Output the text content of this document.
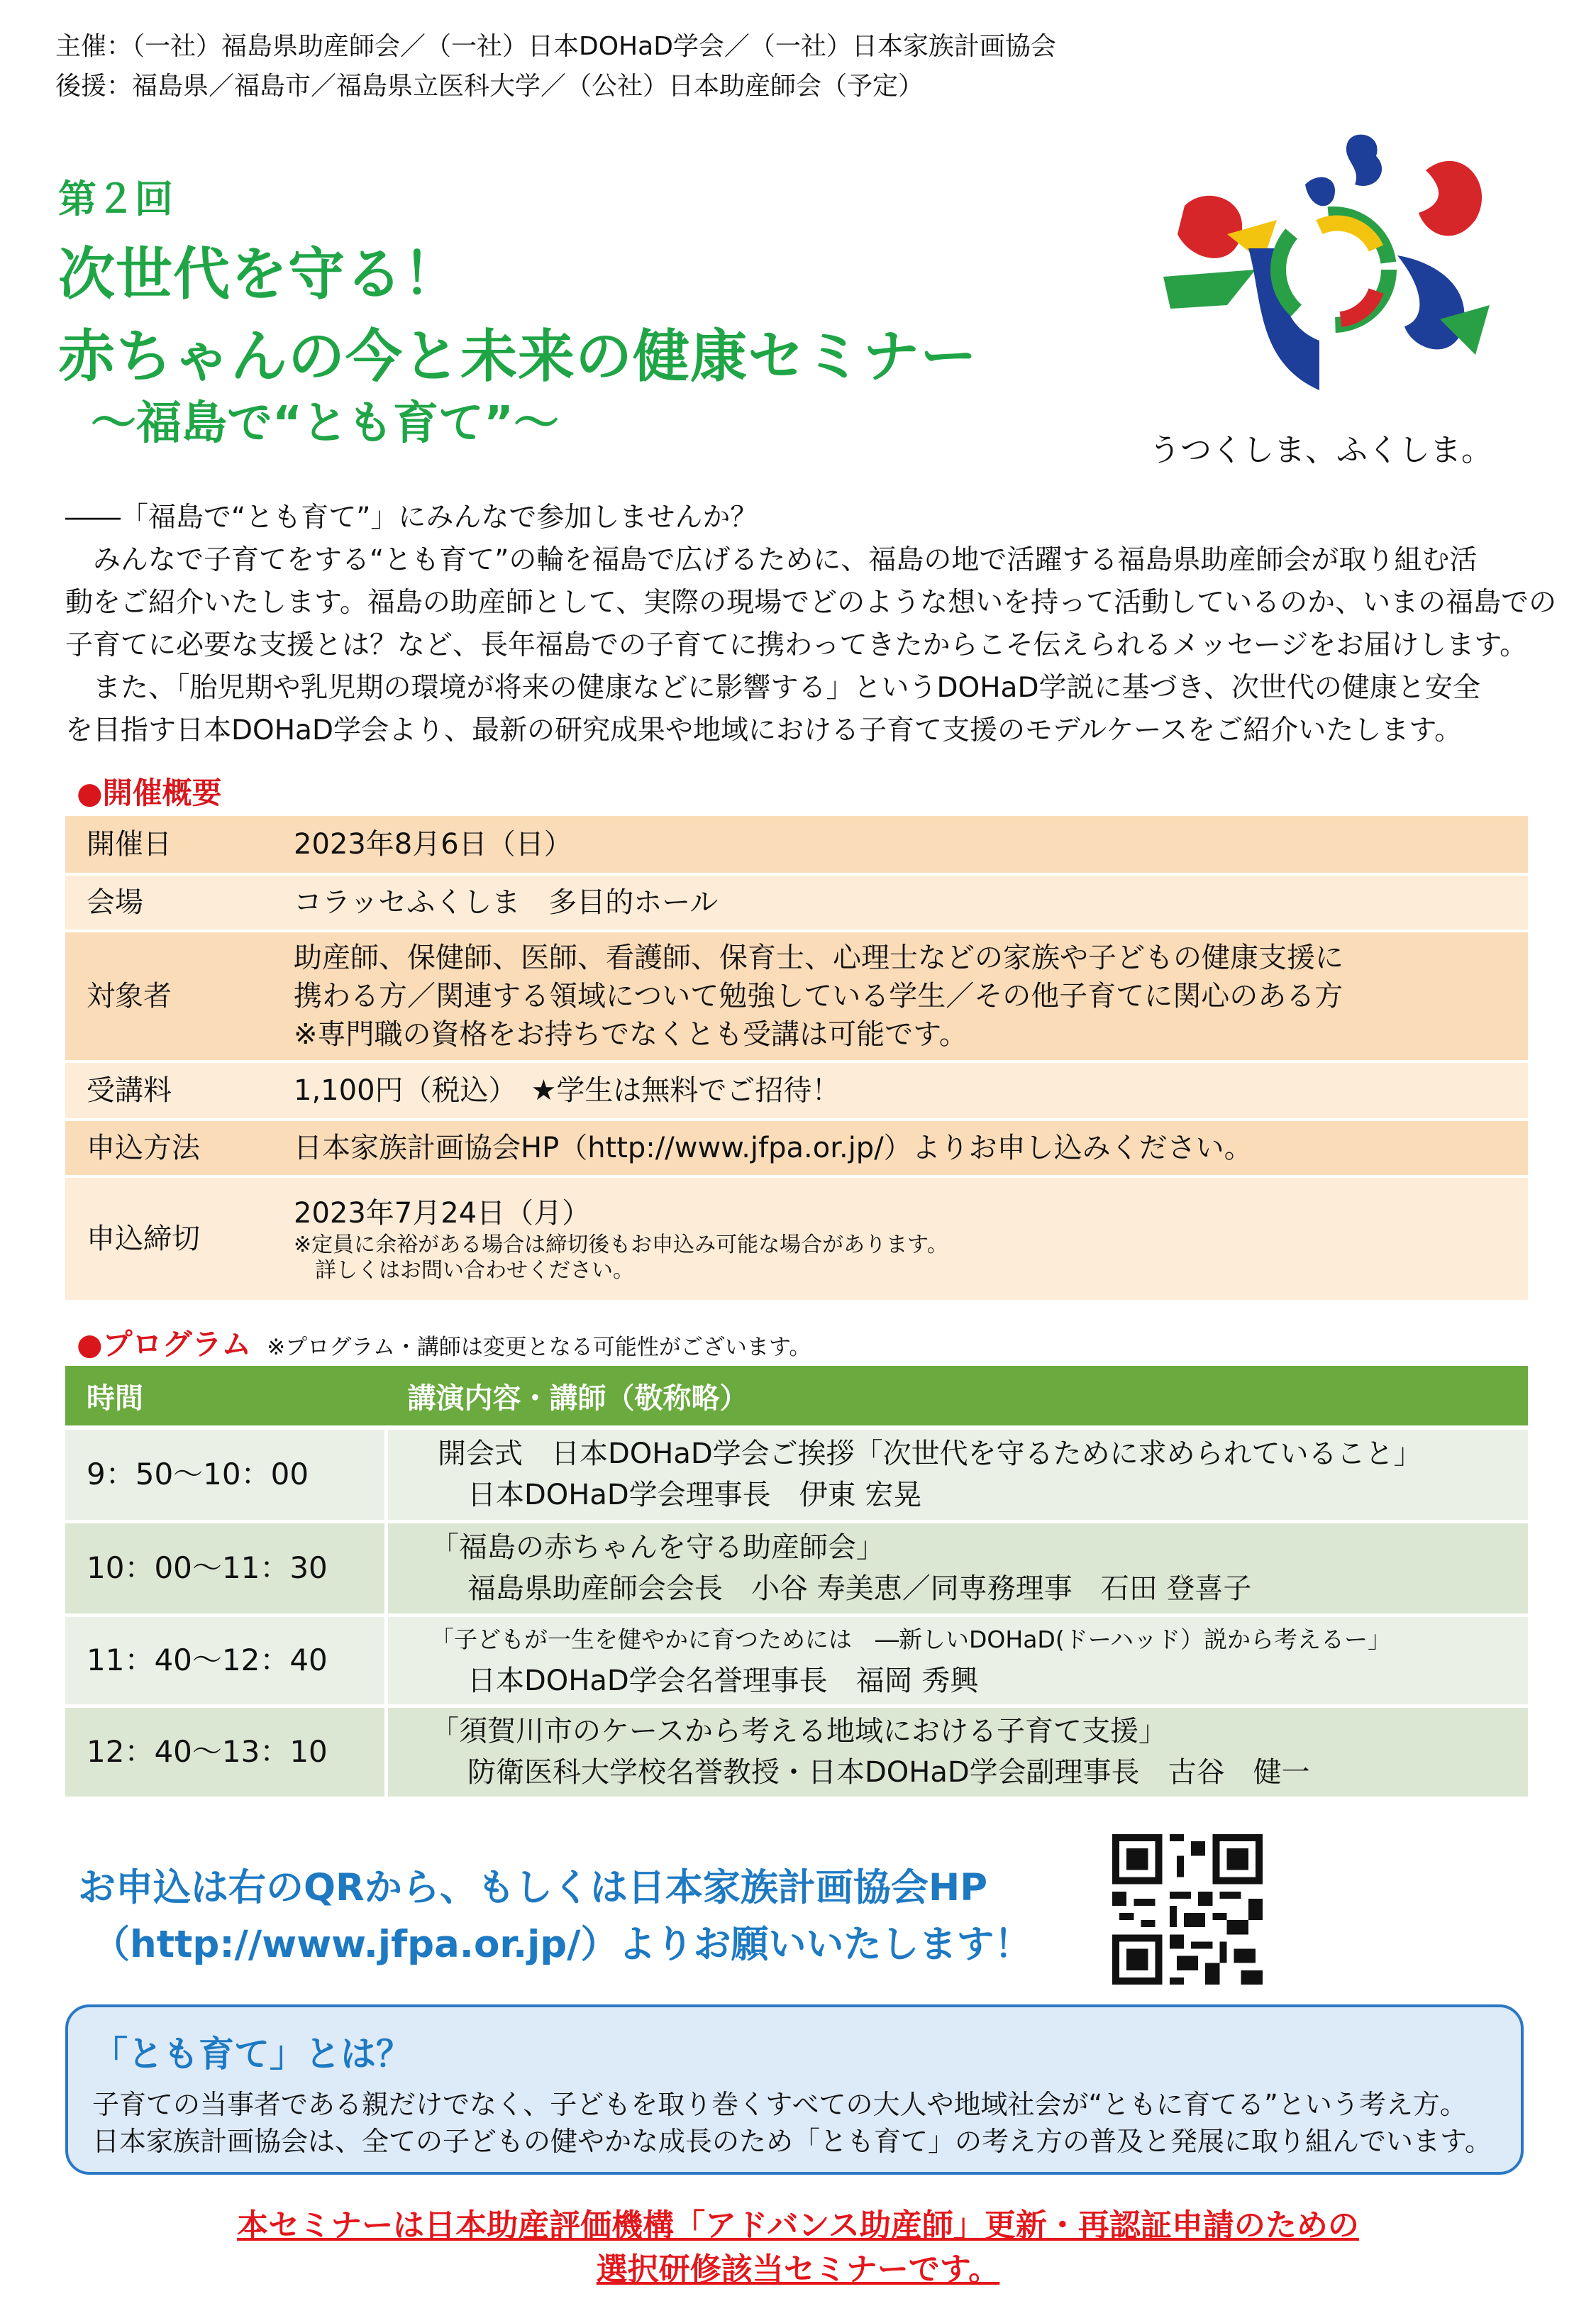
主催：（一社）福島県助産師会／（一社）日本DOHaD学会／（一社）日本家族計画協会
後援：福島県／福島市／福島県立医科大学／（公社）日本助産師会（予定）
第２回
次世代を守る！
赤ちゃんの今と未来の健康セミナー
～福島で“とも育て”～
うつくしま、ふくしま。

――「福島で“とも育て”」にみんなで参加しませんか？

　みんなで子育てをする“とも育て”の輪を福島で広げるために、福島の地で活躍する福島県助産師会が取り組む活

動をご紹介いたします。福島の助産師として、実際の現場でどのような想いを持って活動しているのか、いまの福島での

子育てに必要な支援とは？など、長年福島での子育てに携わってきたからこそ伝えられるメッセージをお届けします。

　また、「胎児期や乳児期の環境が将来の健康などに影響する」というDOHaD学説に基づき、次世代の健康と安全

を目指す日本DOHaD学会より、最新の研究成果や地域における子育て支援のモデルケースをご紹介いたします。

●開催概要
開催日	2023年8月6日（日）
会場	コラッセふくしま　多目的ホール
対象者	助産師、保健師、医師、看護師、保育士、心理士などの家族や子どもの健康支援に
携わる方／関連する領域について勉強している学生／その他子育てに関心のある方
※専門職の資格をお持ちでなくとも受講は可能です。

受講料	1,100円（税込）　★学生は無料でご招待！
申込方法	日本家族計画協会HP（http://www.jfpa.or.jp/）よりお申し込みください。
申込締切	2023年7月24日（月）
※定員に余裕がある場合は締切後もお申込み可能な場合があります。
　詳しくはお問い合わせください。
●プログラム ※プログラム・講師は変更となる可能性がございます。
時間	講演内容・講師（敬称略）
9：50～10：00	開会式　日本DOHaD学会ご挨拶「次世代を守るために求められていること」
日本DOHaD学会理事長　伊東 宏晃

10：00～11：30	「福島の赤ちゃんを守る助産師会」
福島県助産師会会長　小谷 寿美恵／同専務理事　石田 登喜子

11：40～12：40	「子どもが一生を健やかに育つためには　―新しいDOHaD(ドーハッド）説から考えるー」
日本DOHaD学会名誉理事長　福岡 秀興

12：40～13：10	「須賀川市のケースから考える地域における子育て支援」
防衛医科大学校名誉教授・日本DOHaD学会副理事長　古谷　健一
お申込は右のQRから、もしくは日本家族計画協会HP
（http://www.jfpa.or.jp/）よりお願いいたします！
「とも育て」とは？
子育ての当事者である親だけでなく、子どもを取り巻くすべての大人や地域社会が“ともに育てる”という考え方。
日本家族計画協会は、全ての子どもの健やかな成長のため「とも育て」の考え方の普及と発展に取り組んでいます。
本セミナーは日本助産評価機構「アドバンス助産師」更新・再認証申請のための
選択研修該当セミナーです。
